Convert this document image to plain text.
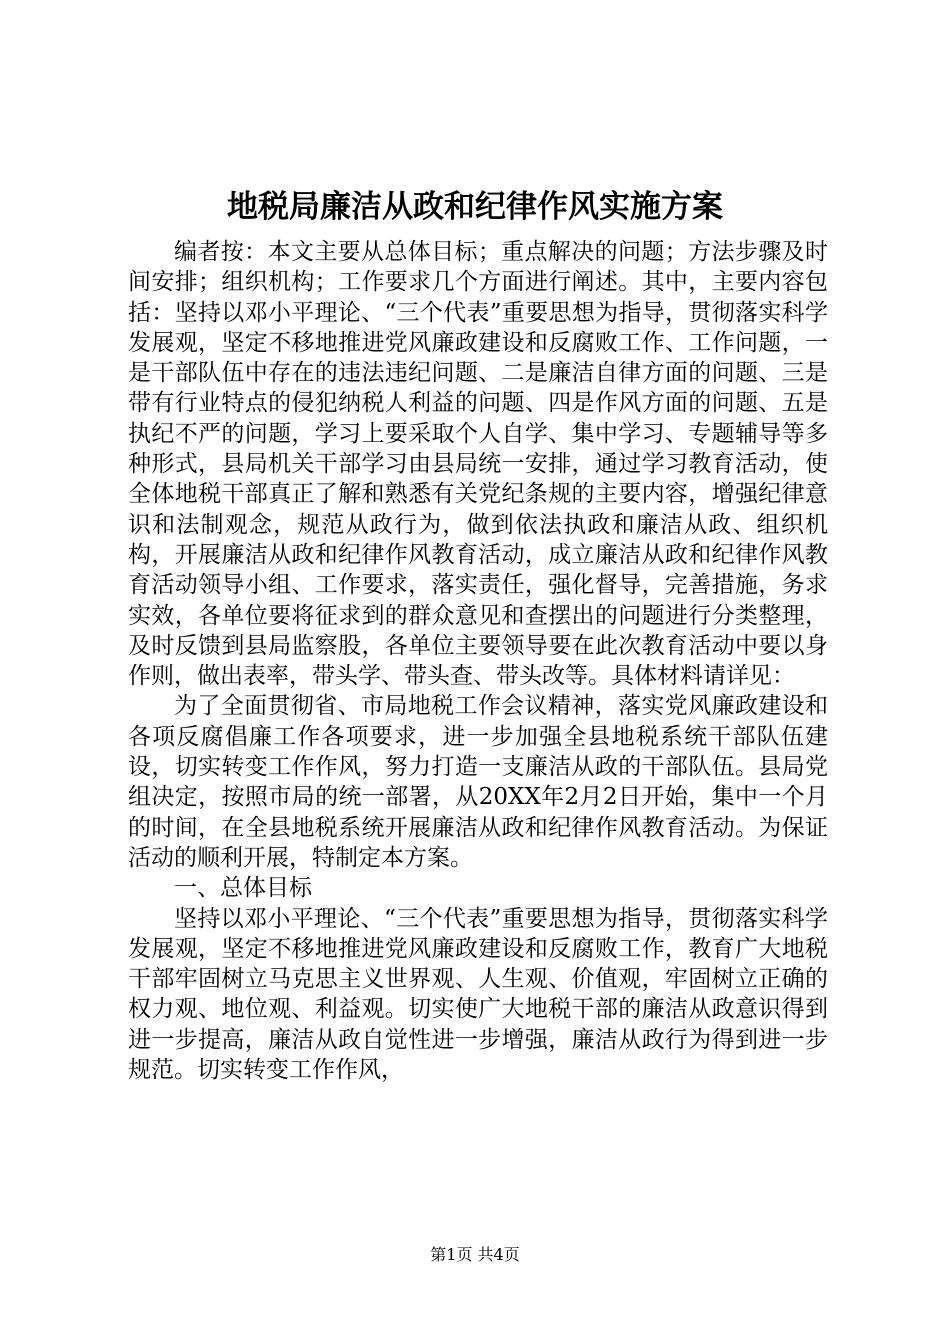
地税局廉洁从政和纪律作风实施方案

编者按：本文主要从总体目标；重点解决的问题；方法步骤及时间安排；组织机构；工作要求几个方面进行阐述。其中，主要内容包括：坚持以邓小平理论、“三个代表”重要思想为指导，贯彻落实科学发展观，坚定不移地推进党风廉政建设和反腐败工作、工作问题，一是干部队伍中存在的违法违纪问题、二是廉洁自律方面的问题、三是带有行业特点的侵犯纳税人利益的问题、四是作风方面的问题、五是执纪不严的问题，学习上要采取个人自学、集中学习、专题辅导等多种形式，县局机关干部学习由县局统一安排，通过学习教育活动，使全体地税干部真正了解和熟悉有关党纪条规的主要内容，增强纪律意识和法制观念，规范从政行为，做到依法执政和廉洁从政、组织机构，开展廉洁从政和纪律作风教育活动，成立廉洁从政和纪律作风教育活动领导小组、工作要求，落实责任，强化督导，完善措施，务求实效，各单位要将征求到的群众意见和查摆出的问题进行分类整理，及时反馈到县局监察股，各单位主要领导要在此次教育活动中要以身作则，做出表率，带头学、带头查、带头改等。具体材料请详见：

为了全面贯彻省、市局地税工作会议精神，落实党风廉政建设和各项反腐倡廉工作各项要求，进一步加强全县地税系统干部队伍建设，切实转变工作作风，努力打造一支廉洁从政的干部队伍。县局党组决定，按照市局的统一部署，从20XX年2月2日开始，集中一个月的时间，在全县地税系统开展廉洁从政和纪律作风教育活动。为保证活动的顺利开展，特制定本方案。

一、总体目标

坚持以邓小平理论、“三个代表”重要思想为指导，贯彻落实科学发展观，坚定不移地推进党风廉政建设和反腐败工作，教育广大地税干部牢固树立马克思主义世界观、人生观、价值观，牢固树立正确的权力观、地位观、利益观。切实使广大地税干部的廉洁从政意识得到进一步提高，廉洁从政自觉性进一步增强，廉洁从政行为得到进一步规范。切实转变工作作风，

第1页 共4页
